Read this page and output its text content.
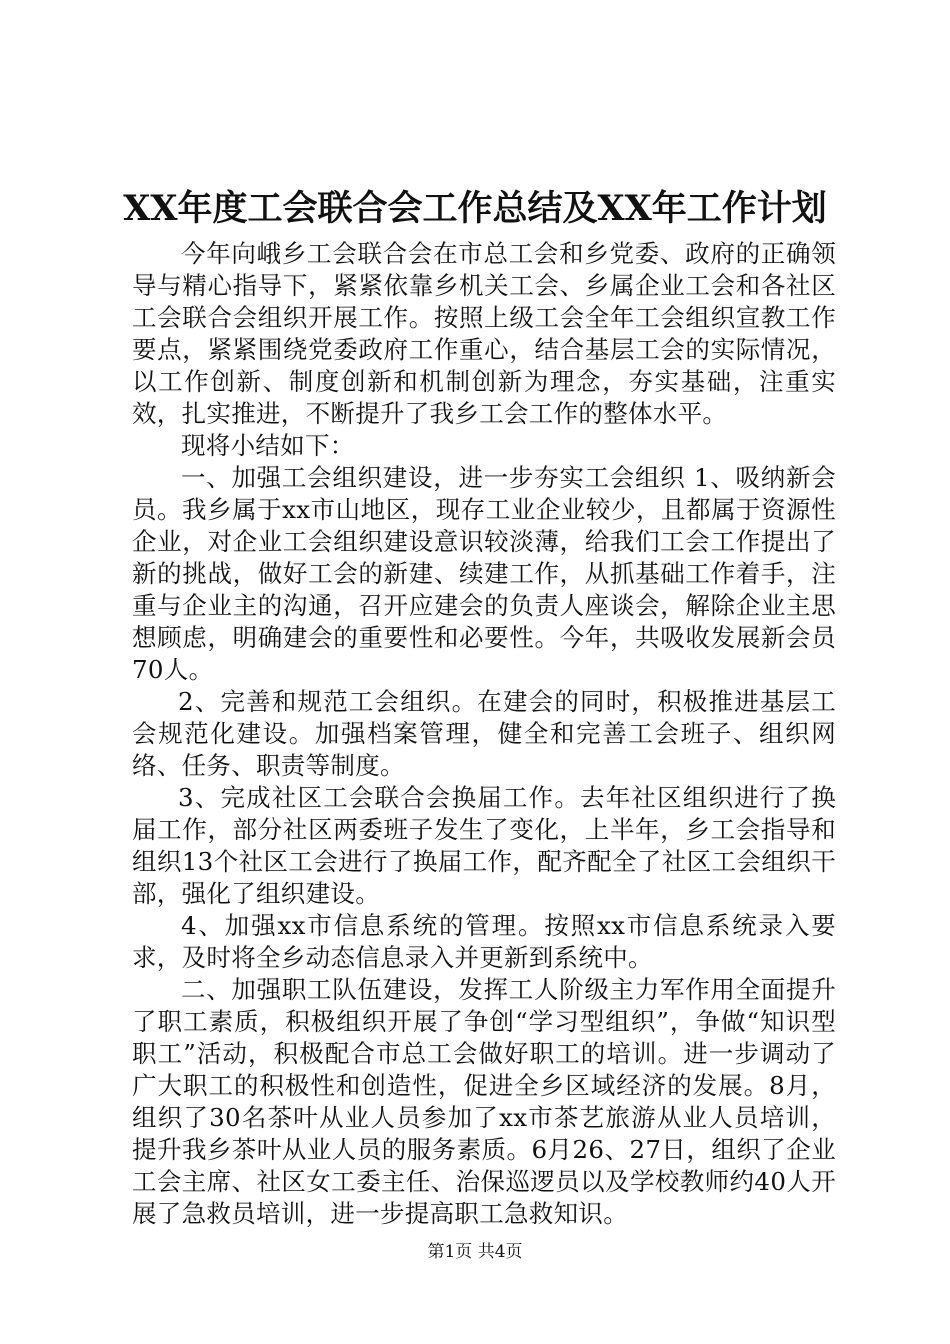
XX年度工会联合会工作总结及XX年工作计划

今年向峨乡工会联合会在市总工会和乡党委、政府的正确领导与精心指导下，紧紧依靠乡机关工会、乡属企业工会和各社区工会联合会组织开展工作。按照上级工会全年工会组织宣教工作要点，紧紧围绕党委政府工作重心，结合基层工会的实际情况，以工作创新、制度创新和机制创新为理念，夯实基础，注重实效，扎实推进，不断提升了我乡工会工作的整体水平。

现将小结如下：

一、加强工会组织建设，进一步夯实工会组织 1、吸纳新会员。我乡属于xx市山地区，现存工业企业较少，且都属于资源性企业，对企业工会组织建设意识较淡薄，给我们工会工作提出了新的挑战，做好工会的新建、续建工作，从抓基础工作着手，注重与企业主的沟通，召开应建会的负责人座谈会，解除企业主思想顾虑，明确建会的重要性和必要性。今年，共吸收发展新会员70人。

2、完善和规范工会组织。在建会的同时，积极推进基层工会规范化建设。加强档案管理，健全和完善工会班子、组织网络、任务、职责等制度。

3、完成社区工会联合会换届工作。去年社区组织进行了换届工作，部分社区两委班子发生了变化，上半年，乡工会指导和组织13个社区工会进行了换届工作，配齐配全了社区工会组织干部，强化了组织建设。

4、加强xx市信息系统的管理。按照xx市信息系统录入要求，及时将全乡动态信息录入并更新到系统中。

二、加强职工队伍建设，发挥工人阶级主力军作用全面提升了职工素质，积极组织开展了争创“学习型组织”，争做“知识型职工”活动，积极配合市总工会做好职工的培训。进一步调动了广大职工的积极性和创造性，促进全乡区域经济的发展。8月，组织了30名茶叶从业人员参加了xx市茶艺旅游从业人员培训，提升我乡茶叶从业人员的服务素质。6月26、27日，组织了企业工会主席、社区女工委主任、治保巡逻员以及学校教师约40人开展了急救员培训，进一步提高职工急救知识。

第1页 共4页
